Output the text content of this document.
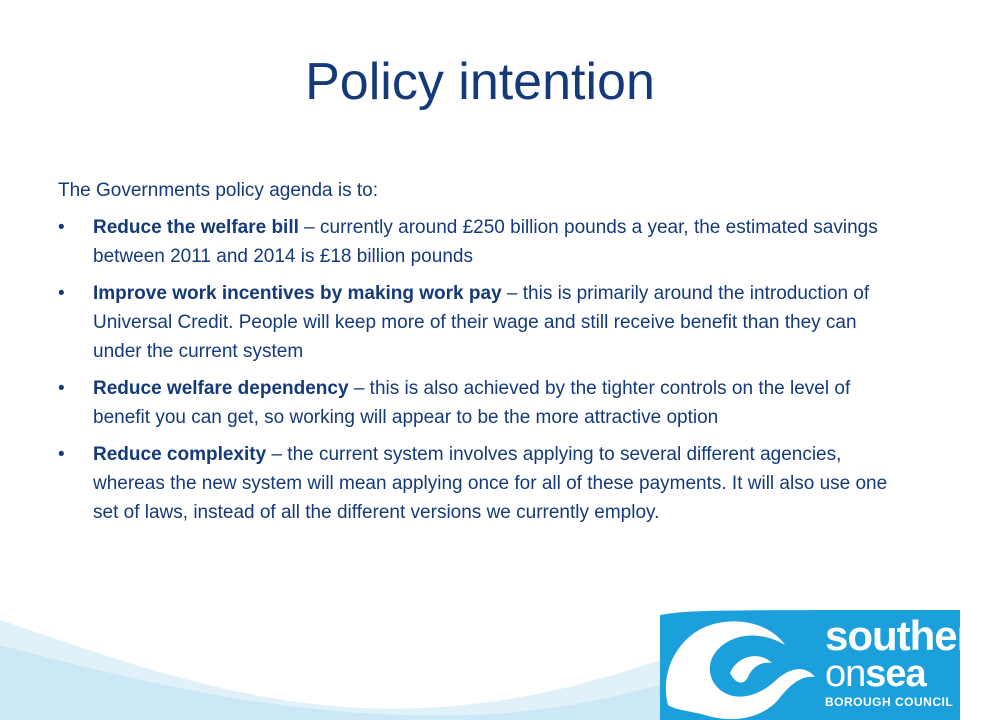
Policy intention

The Governments policy agenda is to:

• Reduce the welfare bill – currently around £250 billion pounds a year, the estimated savings between 2011 and 2014 is £18 billion pounds
• Improve work incentives by making work pay – this is primarily around the introduction of Universal Credit. People will keep more of their wage and still receive benefit than they can under the current system
• Reduce welfare dependency – this is also achieved by the tighter controls on the level of benefit you can get, so working will appear to be the more attractive option
• Reduce complexity – the current system involves applying to several different agencies, whereas the new system will mean applying once for all of these payments. It will also use one set of laws, instead of all the different versions we currently employ.
southend
onsea
BOROUGH COUNCIL
